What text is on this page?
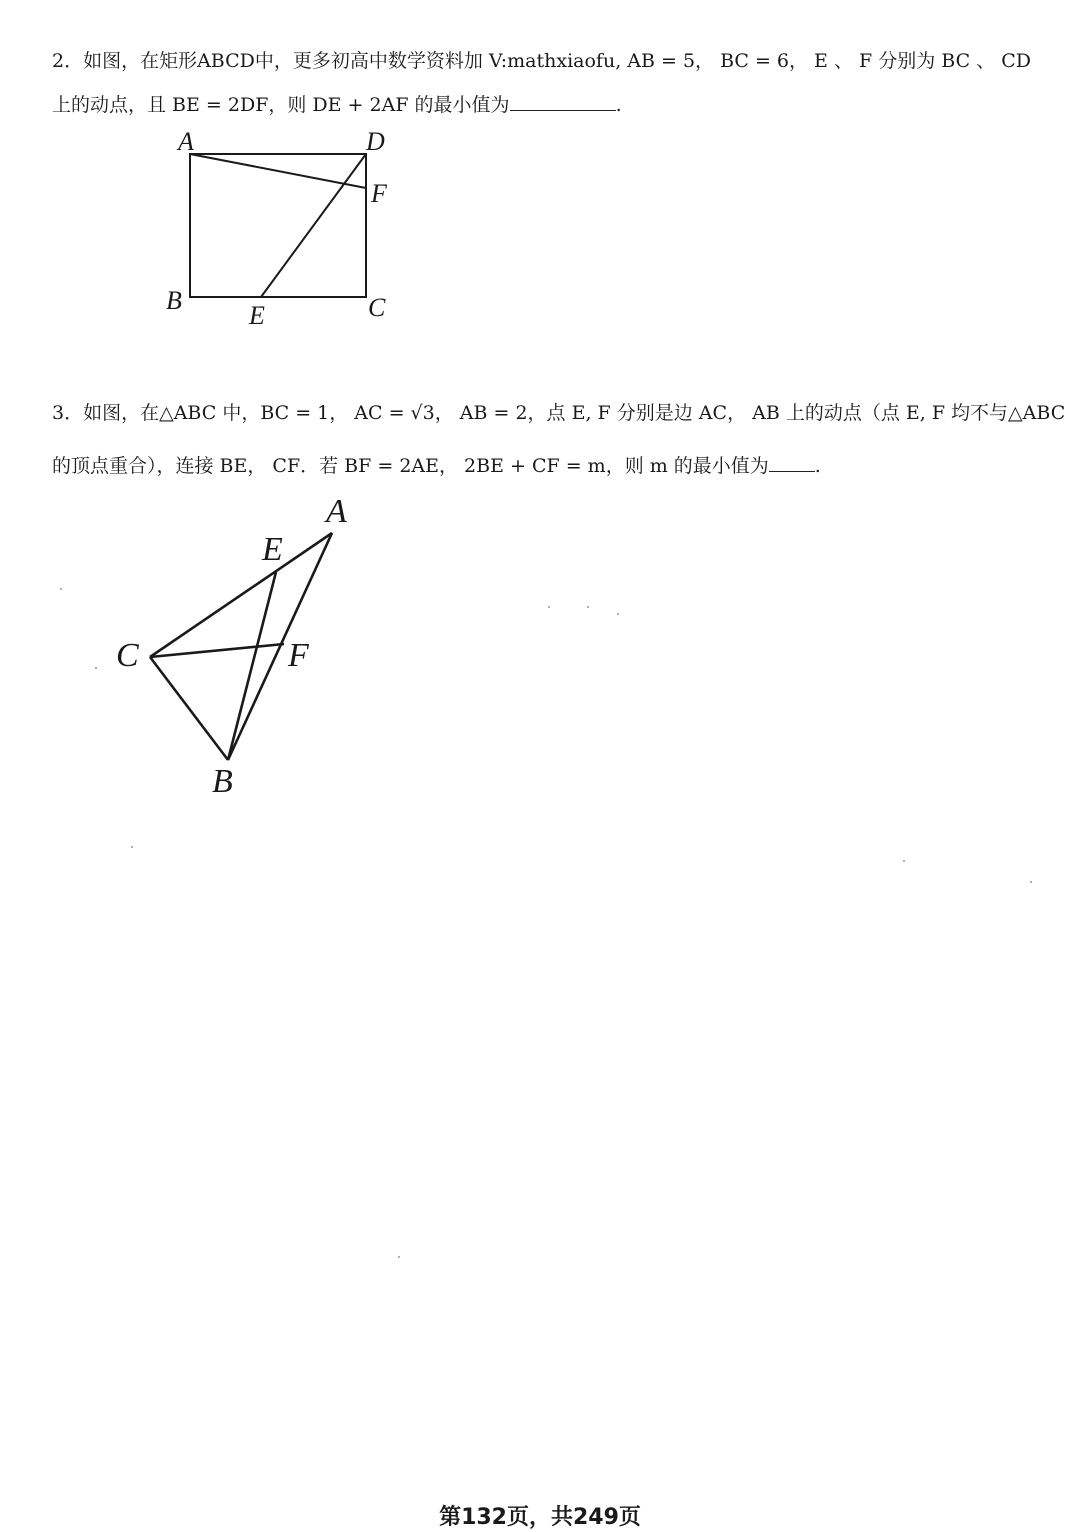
2．如图，在矩形ABCD中，更多初高中数学资料加 V:mathxiaofu, AB = 5， BC = 6， E 、 F 分别为 BC 、 CD
上的动点，且 BE = 2DF，则 DE + 2AF 的最小值为	.
A	D
F
B
E	C
3．如图，在△ABC 中，BC = 1， AC = √3， AB = 2，点 E, F 分别是边 AC， AB 上的动点（点 E, F 均不与△ABC
的顶点重合），连接 BE， CF．若 BF = 2AE， 2BE + CF = m，则 m 的最小值为 .
A
E
C	F
B
第132页，共249页
